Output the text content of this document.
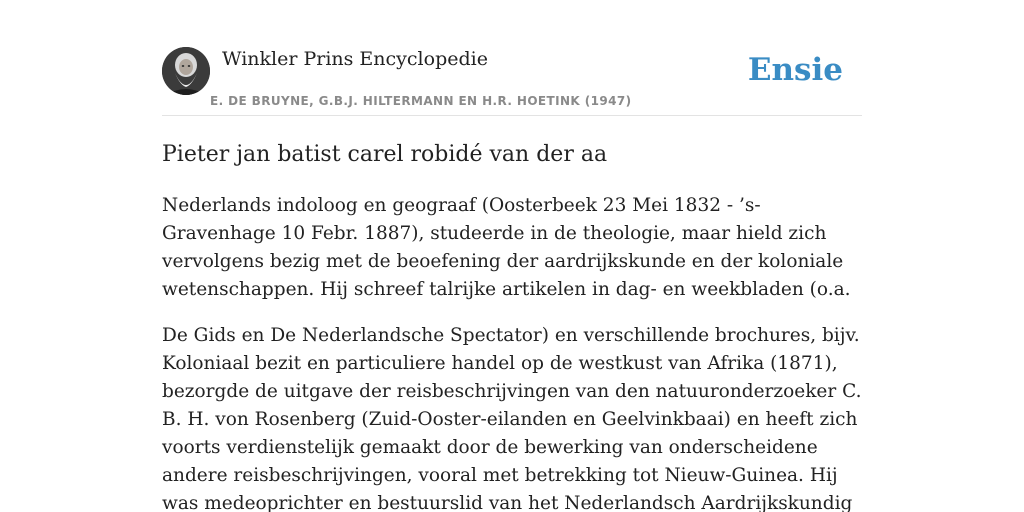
Winkler Prins Encyclopedie
E. DE BRUYNE, G.B.J. HILTERMANN EN H.R. HOETINK (1947)
Ensie
Pieter jan batist carel robidé van der aa

Nederlands indoloog en geograaf (Oosterbeek 23 Mei 1832 - ’s-Gravenhage 10 Febr. 1887), studeerde in de theologie, maar hield zich vervolgens bezig met de beoefening der aardrijkskunde en der koloniale wetenschappen. Hij schreef talrijke artikelen in dag- en weekbladen (o.a.

De Gids en De Nederlandsche Spectator) en verschillende brochures, bijv. Koloniaal bezit en particuliere handel op de westkust van Afrika (1871), bezorgde de uitgave der reisbeschrijvingen van den natuuronderzoeker C. B. H. von Rosenberg (Zuid-Ooster-eilanden en Geelvinkbaai) en heeft zich voorts verdienstelijk gemaakt door de bewerking van onderscheidene andere reisbeschrijvingen, vooral met betrekking tot Nieuw-Guinea. Hij was medeoprichter en bestuurslid van het Nederlandsch Aardrijkskundig
